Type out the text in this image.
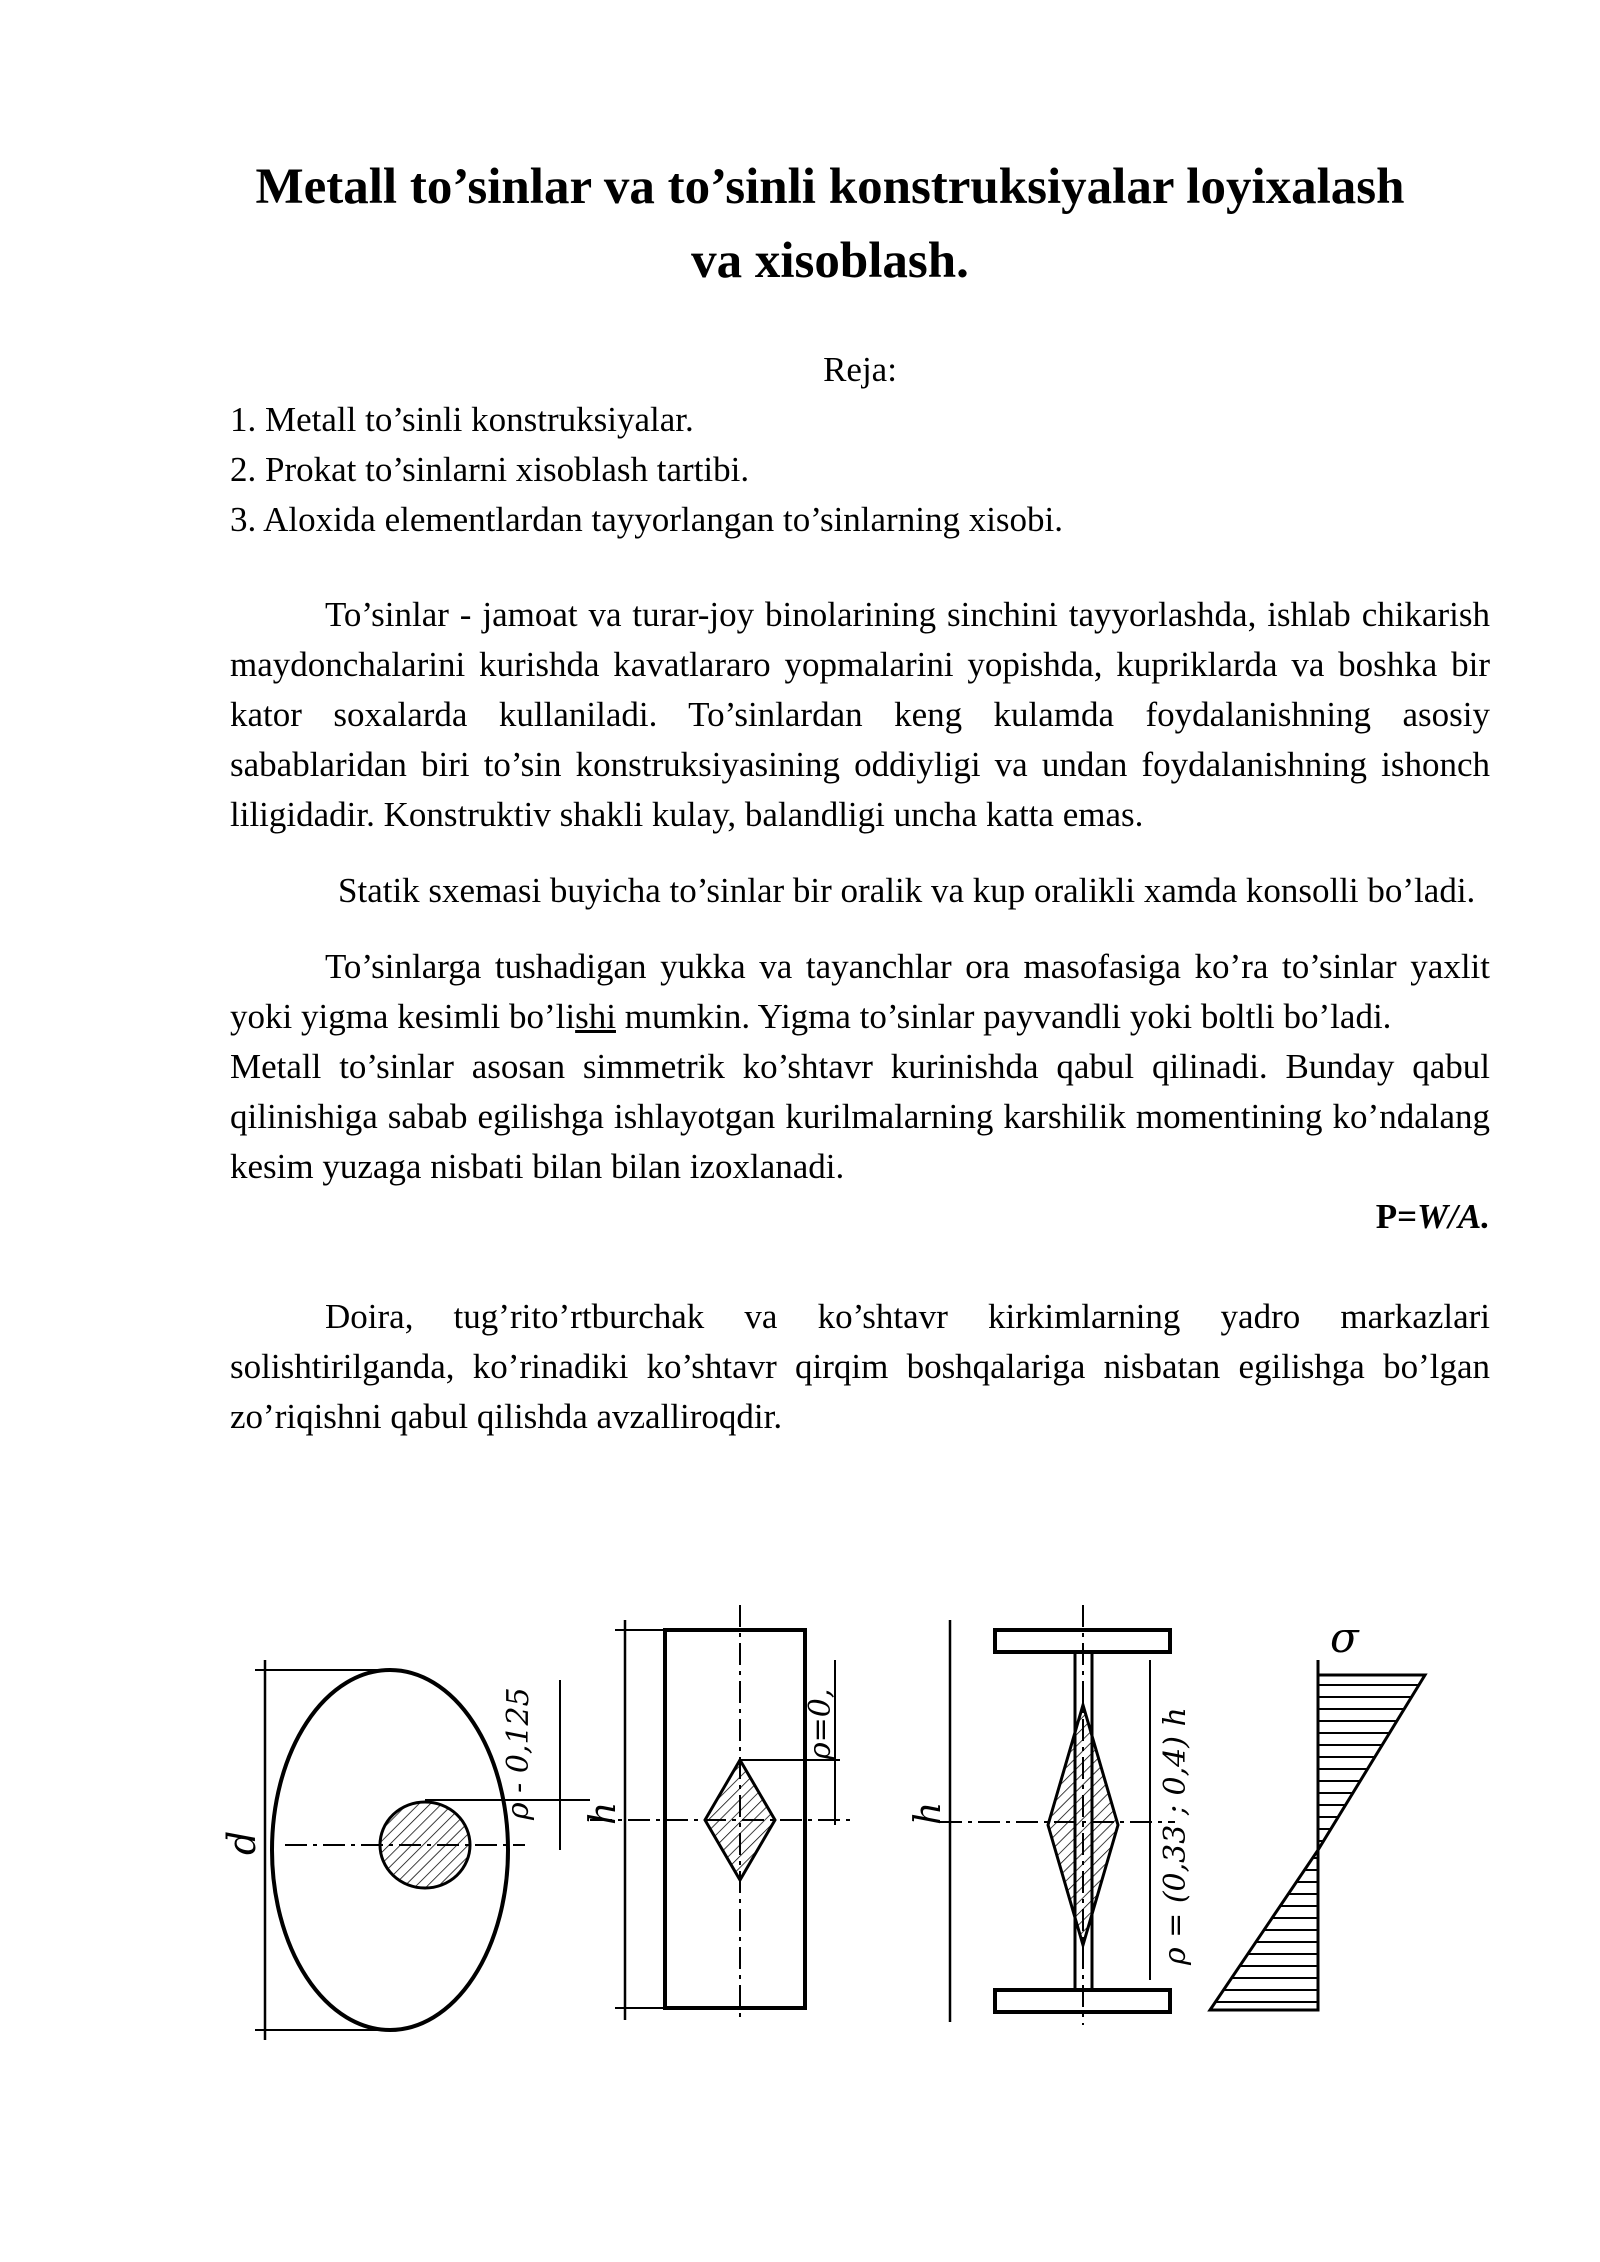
Metall to’sinlar va to’sinli konstruksiyalar loyixalash
va xisoblash.
Reja:
1. Metall to’sinli konstruksiyalar.
2. Prokat to’sinlarni xisoblash tartibi.
3. Aloxida elementlardan tayyorlangan to’sinlarning xisobi.

To’sinlar - jamoat va turar-joy binolarining sinchini tayyorlashda, ishlab chikarish maydonchalarini kurishda kavatlararo yopmalarini yopishda, kupriklarda va boshka bir kator soxalarda kullaniladi. To’sinlardan keng kulamda foydalanishning asosiy sabablaridan biri to’sin konstruksiyasining oddiyligi va undan foydalanishning ishonch liligidadir. Konstruktiv shakli kulay, balandligi uncha katta emas.

Statik sxemasi buyicha to’sinlar bir oralik va kup oralikli xamda konsolli bo’ladi.

To’sinlarga tushadigan yukka va tayanchlar ora masofasiga ko’ra to’sinlar yaxlit yoki yigma kesimli bo’lishi mumkin. Yigma to’sinlar payvandli yoki boltli bo’ladi.

Metall to’sinlar asosan simmetrik ko’shtavr kurinishda qabul qilinadi. Bunday qabul qilinishiga sabab egilishga ishlayotgan kurilmalarning karshilik momentining ko’ndalang kesim yuzaga nisbati bilan bilan izoxlanadi.

P=W/A.

Doira, tug’rito’rtburchak va ko’shtavr kirkimlarning yadro markazlari solishtirilganda, ko’rinadiki ko’shtavr qirqim boshqalariga nisbatan egilishga bo’lgan zo’riqishni qabul qilishda avzalliroqdir.

d
ρ - 0,125 h
ρ=0,
h	ρ = (0,33 ; 0,4) h
σ
